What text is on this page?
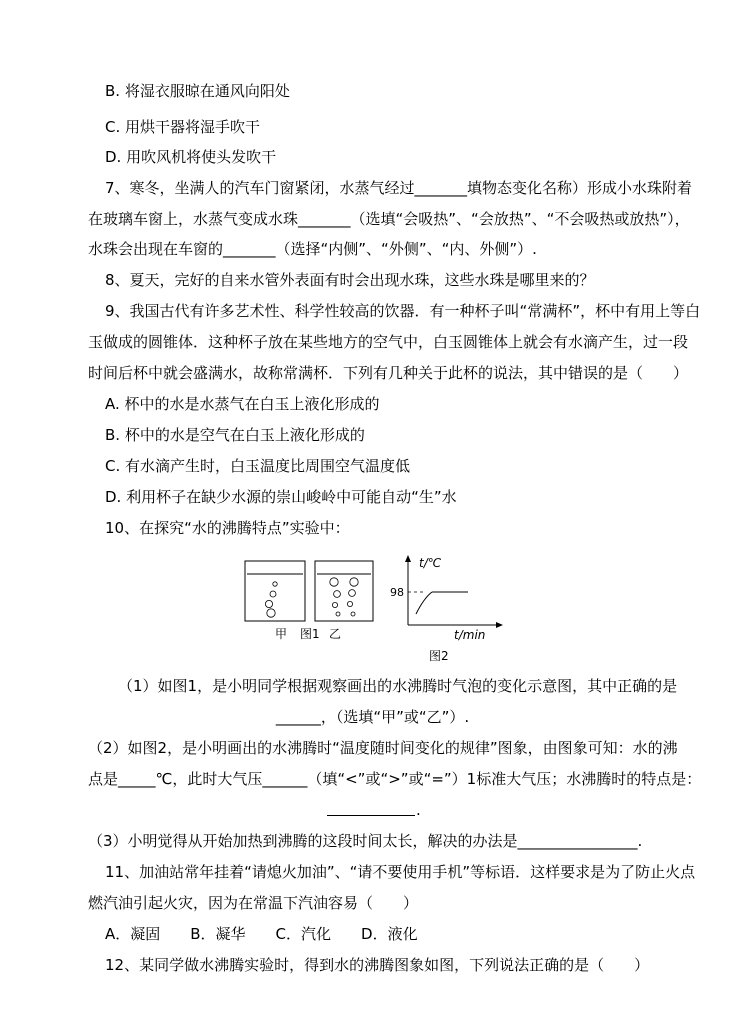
B. 将湿衣服晾在通风向阳处
C. 用烘干器将湿手吹干
D. 用吹风机将使头发吹干
7、寒冬，坐满人的汽车门窗紧闭，水蒸气经过_______填物态变化名称）形成小水珠附着
在玻璃车窗上，水蒸气变成水珠_______（选填“会吸热”、“会放热”、“不会吸热或放热”），
水珠会出现在车窗的_______（选择“内侧”、“外侧”、“内、外侧”）.
8、夏天，完好的自来水管外表面有时会出现水珠，这些水珠是哪里来的？
9、我国古代有许多艺术性、科学性较高的饮器．有一种杯子叫“常满杯”，杯中有用上等白
玉做成的圆锥体．这种杯子放在某些地方的空气中，白玉圆锥体上就会有水滴产生，过一段
时间后杯中就会盛满水，故称常满杯．下列有几种关于此杯的说法，其中错误的是（　　）
A. 杯中的水是水蒸气在白玉上液化形成的
B. 杯中的水是空气在白玉上液化形成的
C. 有水滴产生时，白玉温度比周围空气温度低
D. 利用杯子在缺少水源的崇山峻岭中可能自动“生”水
10、在探究“水的沸腾特点”实验中：
甲 图1 乙
t/℃
98
t/min
图2
（1）如图1，是小明同学根据观察画出的水沸腾时气泡的变化示意图，其中正确的是
______，（选填“甲”或“乙”）.
（2）如图2，是小明画出的水沸腾时“温度随时间变化的规律”图象，由图象可知：水的沸
点是_____℃，此时大气压______（填“<”或“>”或“=”）1标准大气压；水沸腾时的特点是：
.
（3）小明觉得从开始加热到沸腾的这段时间太长，解决的办法是________________.
11、加油站常年挂着“请熄火加油”、“请不要使用手机”等标语．这样要求是为了防止火点
燃汽油引起火灾，因为在常温下汽油容易（　　）
A．凝固　　B．凝华　　C．汽化　　D．液化
12、某同学做水沸腾实验时，得到水的沸腾图象如图，下列说法正确的是（　　）
